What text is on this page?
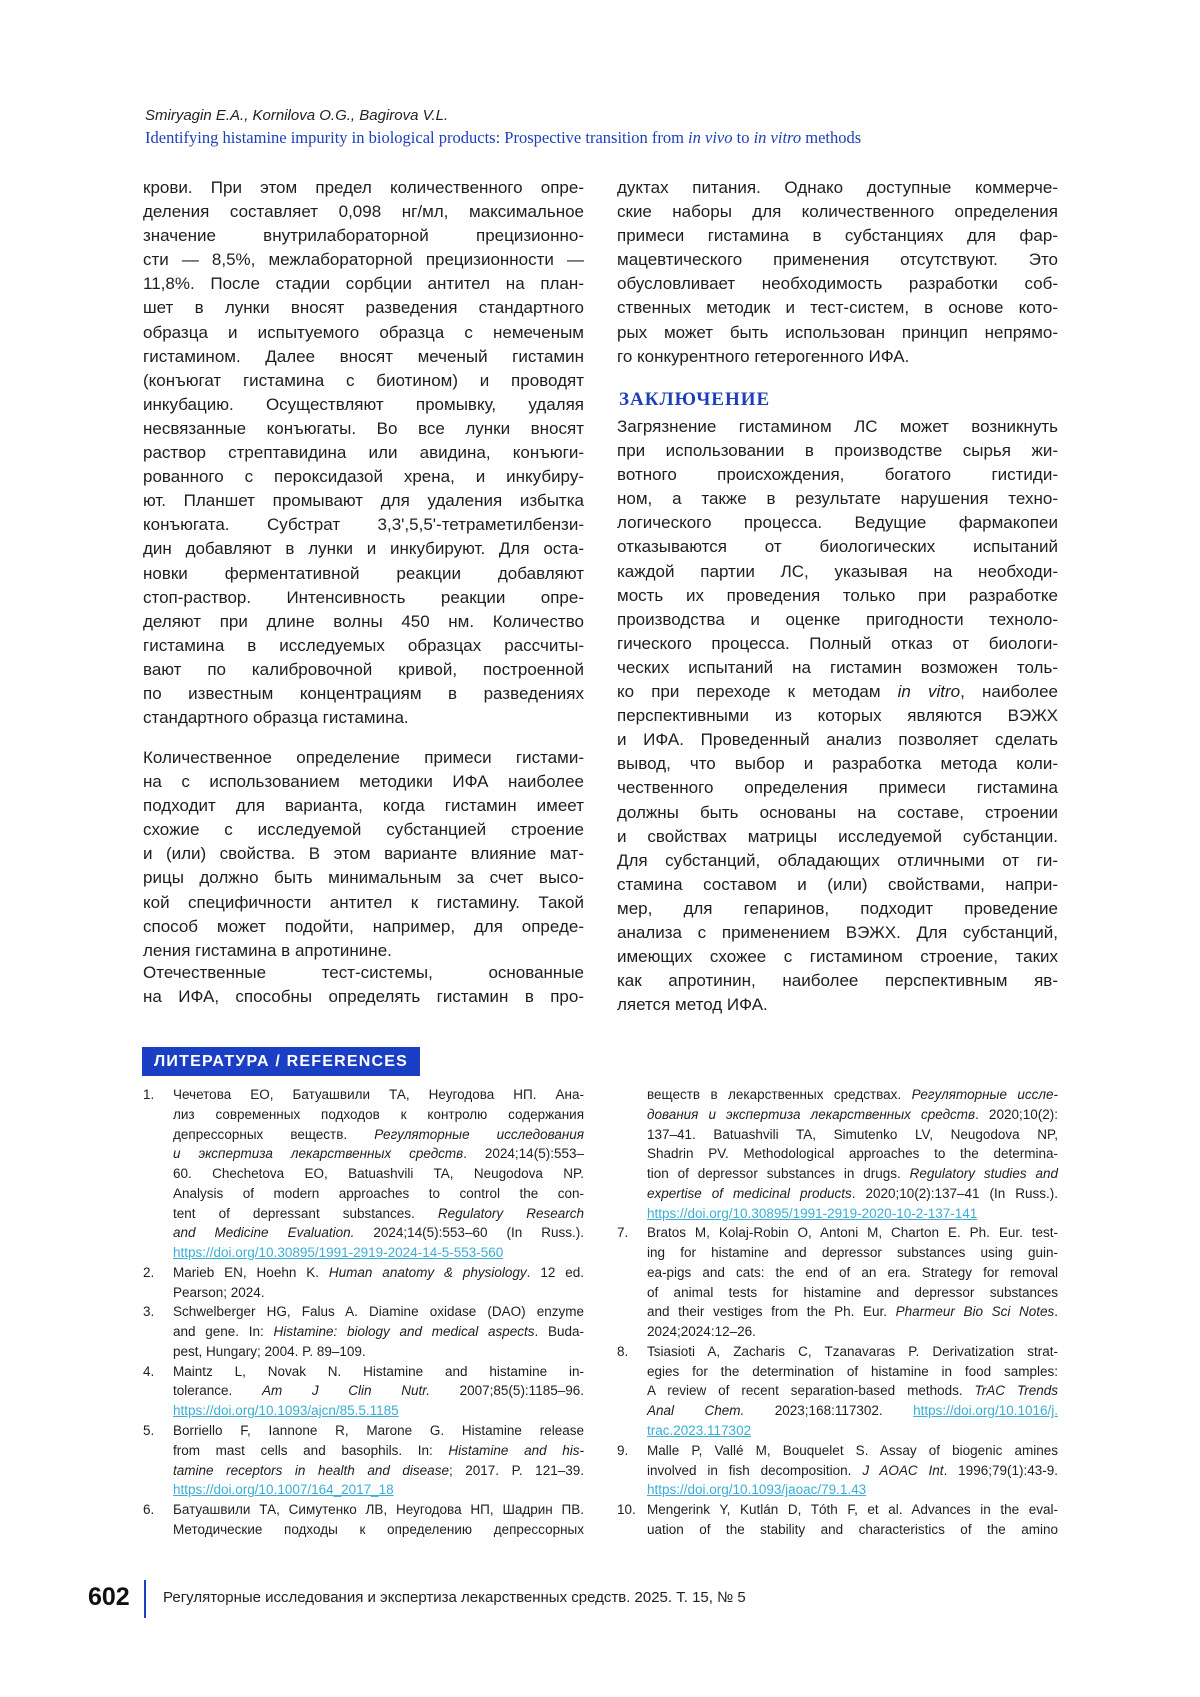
Smiryagin E.A., Kornilova O.G., Bagirova V.L.
Identifying histamine impurity in biological products: Prospective transition from in vivo to in vitro methods
крови. При этом предел количественного опре-
деления составляет 0,098 нг/мл, максимальное
значение внутрилабораторной прецизионно-
сти — 8,5%, межлабораторной прецизионности —
11,8%. После стадии сорбции антител на план-
шет в лунки вносят разведения стандартного
образца и испытуемого образца с немеченым
гистамином. Далее вносят меченый гистамин
(конъюгат гистамина с биотином) и проводят
инкубацию. Осуществляют промывку, удаляя
несвязанные конъюгаты. Во все лунки вносят
раствор стрептавидина или авидина, конъюги-
рованного с пероксидазой хрена, и инкубиру-
ют. Планшет промывают для удаления избытка
конъюгата. Субстрат 3,3',5,5'-тетраметилбензи-
дин добавляют в лунки и инкубируют. Для оста-
новки ферментативной реакции добавляют
стоп-раствор. Интенсивность реакции опре-
деляют при длине волны 450 нм. Количество
гистамина в исследуемых образцах рассчиты-
вают по калибровочной кривой, построенной
по известным концентрациям в разведениях
стандартного образца гистамина.
Количественное определение примеси гистами-
на с использованием методики ИФА наиболее
подходит для варианта, когда гистамин имеет
схожие с исследуемой субстанцией строение
и (или) свойства. В этом варианте влияние мат-
рицы должно быть минимальным за счет высо-
кой специфичности антител к гистамину. Такой
способ может подойти, например, для опреде-
ления гистамина в апротинине.
Отечественные тест-системы, основанные
на ИФА, способны определять гистамин в про-
дуктах питания. Однако доступные коммерче-
ские наборы для количественного определения
примеси гистамина в субстанциях для фар-
мацевтического применения отсутствуют. Это
обусловливает необходимость разработки соб-
ственных методик и тест-систем, в основе кото-
рых может быть использован принцип непрямо-
го конкурентного гетерогенного ИФА.
ЗАКЛЮЧЕНИЕ
Загрязнение гистамином ЛС может возникнуть
при использовании в производстве сырья жи-
вотного происхождения, богатого гистиди-
ном, а также в результате нарушения техно-
логического процесса. Ведущие фармакопеи
отказываются от биологических испытаний
каждой партии ЛС, указывая на необходи-
мость их проведения только при разработке
производства и оценке пригодности техноло-
гического процесса. Полный отказ от биологи-
ческих испытаний на гистамин возможен толь-
ко при переходе к методам in vitro, наиболее
перспективными из которых являются ВЭЖХ
и ИФА. Проведенный анализ позволяет сделать
вывод, что выбор и разработка метода коли-
чественного определения примеси гистамина
должны быть основаны на составе, строении
и свойствах матрицы исследуемой субстанции.
Для субстанций, обладающих отличными от ги-
стамина составом и (или) свойствами, напри-
мер, для гепаринов, подходит проведение
анализа с применением ВЭЖХ. Для субстанций,
имеющих схожее с гистамином строение, таких
как апротинин, наиболее перспективным яв-
ляется метод ИФА.
ЛИТЕРАТУРА / REFERENCES
1.	Чечетова ЕО, Батуашвили ТА, Неугодова НП. Ана-
лиз современных подходов к контролю содержания
депрессорных веществ. Регуляторные исследования
и экспертиза лекарственных средств. 2024;14(5):553–
60. Chechetova EO, Batuashvili TA, Neugodova NP.
Analysis of modern approaches to control the con-
tent of depressant substances. Regulatory Research
and Medicine Evaluation. 2024;14(5):553–60 (In Russ.).
https://doi.org/10.30895/1991-2919-2024-14-5-553-560
2.	Marieb EN, Hoehn K. Human anatomy & physiology. 12 ed.
Pearson; 2024.
3.	Schwelberger HG, Falus A. Diamine oxidase (DAO) enzyme
and gene. In: Histamine: biology and medical aspects. Buda-
pest, Hungary; 2004. P. 89–109.
4.	Maintz L, Novak N. Histamine and histamine in-
tolerance. Am J Clin Nutr. 2007;85(5):1185–96.
https://doi.org/10.1093/ajcn/85.5.1185
5.	Borriello F, Iannone R, Marone G. Histamine release
from mast cells and basophils. In: Histamine and his-
tamine receptors in health and disease; 2017. P. 121–39.
https://doi.org/10.1007/164_2017_18
6.	Батуашвили ТА, Симутенко ЛВ, Неугодова НП, Шадрин ПВ.
Методические подходы к определению депрессорных
веществ в лекарственных средствах. Регуляторные иссле-
дования и экспертиза лекарственных средств. 2020;10(2):
137–41. Batuashvili TA, Simutenko LV, Neugodova NP,
Shadrin PV. Methodological approaches to the determina-
tion of depressor substances in drugs. Regulatory studies and
expertise of medicinal products. 2020;10(2):137–41 (In Russ.).
https://doi.org/10.30895/1991-2919-2020-10-2-137-141
7.	Bratos M, Kolaj-Robin O, Antoni M, Charton E. Ph. Eur. test-
ing for histamine and depressor substances using guin-
ea-pigs and cats: the end of an era. Strategy for removal
of animal tests for histamine and depressor substances
and their vestiges from the Ph. Eur. Pharmeur Bio Sci Notes.
2024;2024:12–26.
8.	Tsiasioti A, Zacharis C, Tzanavaras P. Derivatization strat-
egies for the determination of histamine in food samples:
A review of recent separation-based methods. TrAC Trends
Anal Chem. 2023;168:117302. https://doi.org/10.1016/j.
trac.2023.117302
9.	Malle P, Vallé M, Bouquelet S. Assay of biogenic amines
involved in fish decomposition. J AOAC Int. 1996;79(1):43-9.
https://doi.org/10.1093/jaoac/79.1.43
10. Mengerink Y, Kutlán D, Tóth F, et al. Advances in the eval-
uation of the stability and characteristics of the amino
602 Регуляторные исследования и экспертиза лекарственных средств. 2025. Т. 15, № 5
